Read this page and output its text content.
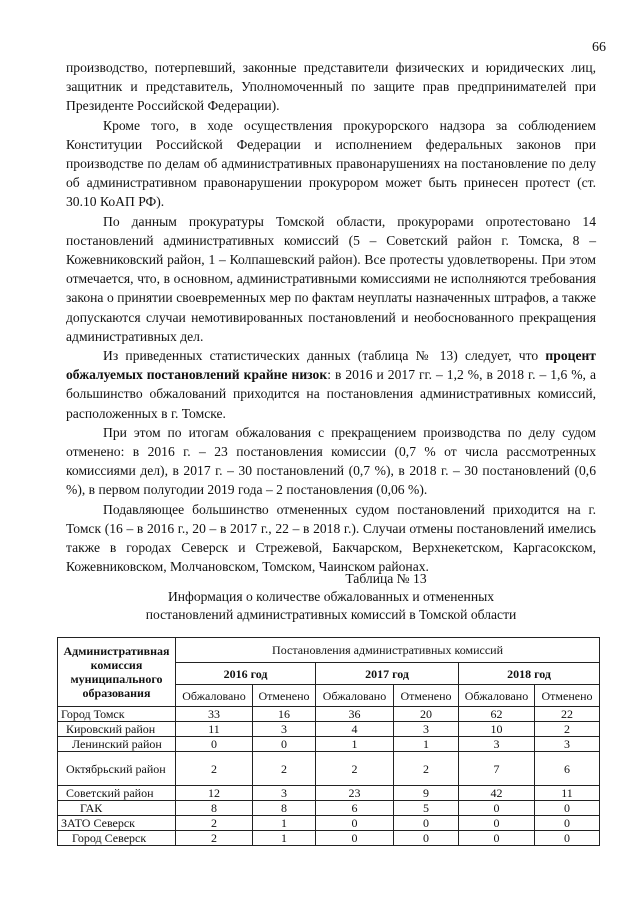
66

производство, потерпевший, законные представители физических и юридических лиц, защитник и представитель, Уполномоченный по защите прав предпринимателей при Президенте Российской Федерации).

Кроме того, в ходе осуществления прокурорского надзора за соблюдением Конституции Российской Федерации и исполнением федеральных законов при производстве по делам об административных правонарушениях на постановление по делу об административном правонарушении прокурором может быть принесен протест (ст. 30.10 КоАП РФ).

По данным прокуратуры Томской области, прокурорами опротестовано 14 постановлений административных комиссий (5 – Советский район г. Томска, 8 – Кожевниковский район, 1 – Колпашевский район). Все протесты удовлетворены. При этом отмечается, что, в основном, административными комиссиями не исполняются требования закона о принятии своевременных мер по фактам неуплаты назначенных штрафов, а также допускаются случаи немотивированных постановлений и необоснованного прекращения административных дел.

Из приведенных статистических данных (таблица № 13) следует, что процент обжалуемых постановлений крайне низок: в 2016 и 2017 гг. – 1,2 %, в 2018 г. – 1,6 %, а большинство обжалований приходится на постановления административных комиссий, расположенных в г. Томске.

При этом по итогам обжалования с прекращением производства по делу судом отменено: в 2016 г. – 23 постановления комиссии (0,7 % от числа рассмотренных комиссиями дел), в 2017 г. – 30 постановлений (0,7 %), в 2018 г. – 30 постановлений (0,6 %), в первом полугодии 2019 года – 2 постановления (0,06 %).

Подавляющее большинство отмененных судом постановлений приходится на г. Томск (16 – в 2016 г., 20 – в 2017 г., 22 – в 2018 г.). Случаи отмены постановлений имелись также в городах Северск и Стрежевой, Бакчарском, Верхнекетском, Каргасокском, Кожевниковском, Молчановском, Томском, Чаинском районах.

Таблица № 13
Информация о количестве обжалованных и отмененных
постановлений административных комиссий в Томской области
Административная комиссия муниципального образования	Постановления административных комиссий					
	2016 год		2017 год		2018 год	
	Обжаловано	Отменено	Обжаловано	Отменено	Обжаловано	Отменено
Город Томск	33	16	36	20	62	22
Кировский район	11	3	4	3	10	2
Ленинский район	0	0	1	1	3	3
Октябрьский район	2	2	2	2	7	6
Советский район	12	3	23	9	42	11
ГАК	8	8	6	5	0	0
ЗАТО Северск	2	1	0	0	0	0
Город Северск	2	1	0	0	0	0
